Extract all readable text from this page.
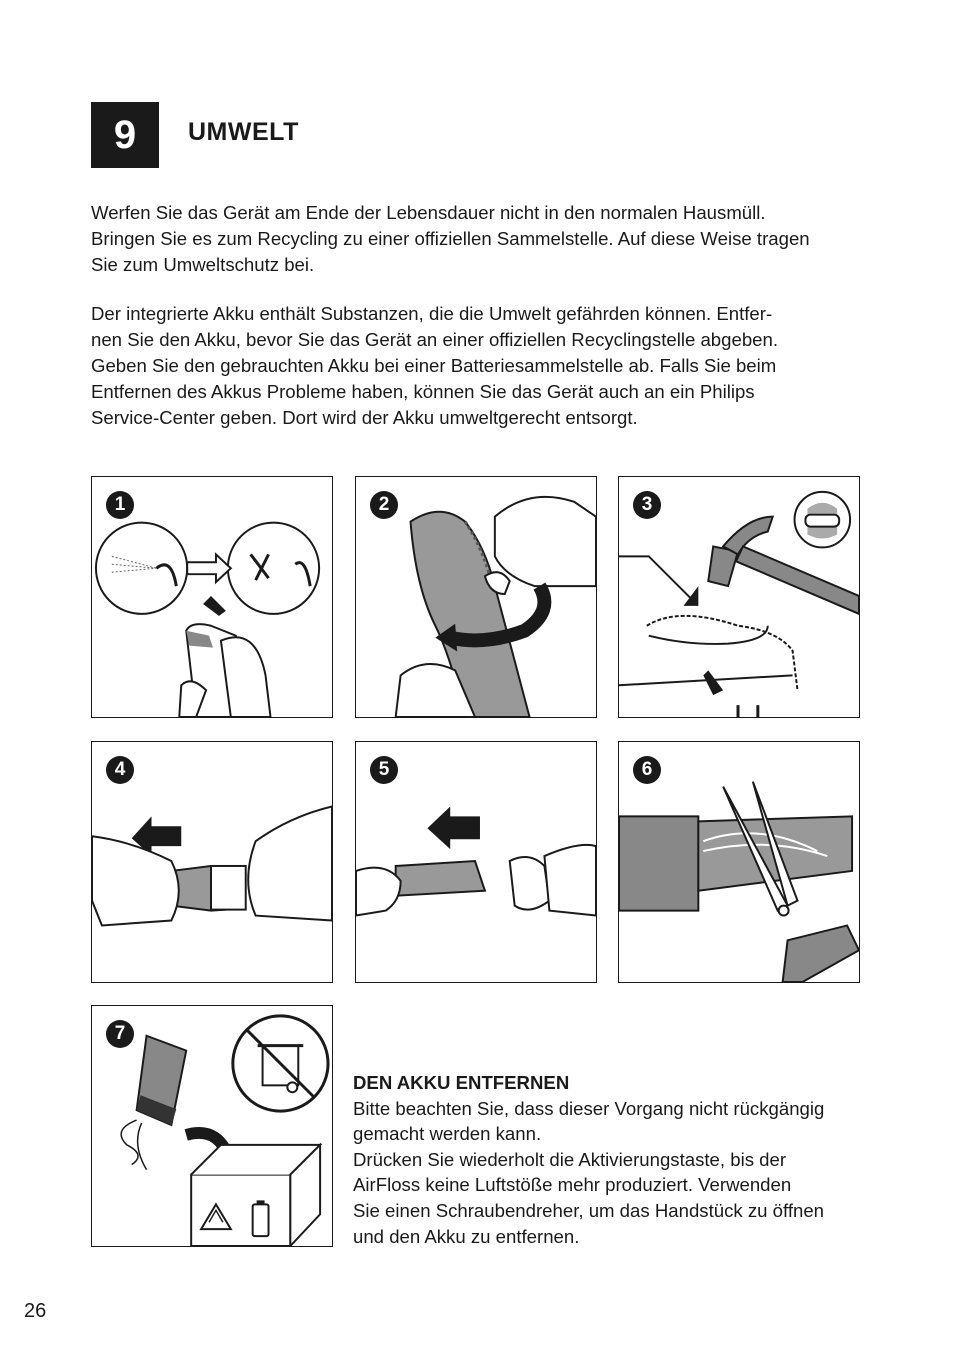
9	UMWELT

Werfen Sie das Gerät am Ende der Lebensdauer nicht in den normalen Hausmüll.
Bringen Sie es zum Recycling zu einer offiziellen Sammelstelle. Auf diese Weise tragen
Sie zum Umweltschutz bei.

Der integrierte Akku enthält Substanzen, die die Umwelt gefährden können. Entfer-
nen Sie den Akku, bevor Sie das Gerät an einer offiziellen Recyclingstelle abgeben.
Geben Sie den gebrauchten Akku bei einer Batteriesammelstelle ab. Falls Sie beim
Entfernen des Akkus Probleme haben, können Sie das Gerät auch an ein Philips
Service-Center geben. Dort wird der Akku umweltgerecht entsorgt.

1	2	3
4	5	6
7
DEN AKKU ENTFERNEN
Bitte beachten Sie, dass dieser Vorgang nicht rückgängig
gemacht werden kann.
Drücken Sie wiederholt die Aktivierungstaste, bis der
AirFloss keine Luftstöße mehr produziert. Verwenden
Sie einen Schraubendreher, um das Handstück zu öffnen
und den Akku zu entfernen.
26
